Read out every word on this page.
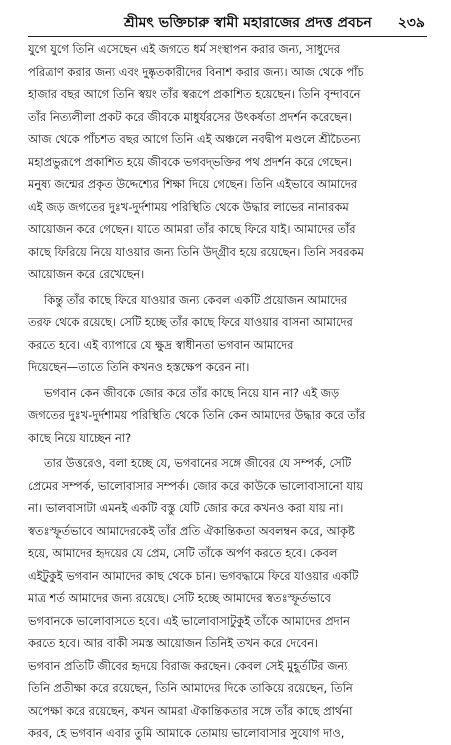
শ্রীমৎ ভক্তিচারু স্বামী মহারাজের প্রদত্ত প্রবচন ২৩৯
যুগে যুগে তিনি এসেছেন এই জগতে ধর্ম সংস্থাপন করার জন্য, সাধুদের
পরিত্রাণ করার জন্য এবং দুষ্কৃতকারীদের বিনাশ করার জন্য। আজ থেকে পাঁচ
হাজার বছর আগে তিনি স্বয়ং তাঁর স্বরূপে প্রকাশিত হয়েছেন। তিনি বৃন্দাবনে
তাঁর নিত্যলীলা প্রকট করে জীবকে মাধুর্যরসের উৎকর্ষতা প্রদর্শন করেছেন।
আজ থেকে পাঁচশত বছর আগে তিনি এই অঞ্চলে নবদ্বীপ মণ্ডলে শ্রীচৈতন্য
মহাপ্রভুরূপে প্রকাশিত হয়ে জীবকে ভগবদ্‌ভক্তির পথ প্রদর্শন করে গেছেন।
মনুষ্য জন্মের প্রকৃত উদ্দেশ্যের শিক্ষা দিয়ে গেছেন। তিনি এইভাবে আমাদের
এই জড় জগতের দুঃখ-দুর্দশাময় পরিস্থিতি থেকে উদ্ধার লাভের নানারকম
আয়োজন করে গেছেন। যাতে আমরা তাঁর কাছে ফিরে যাই। আমাদের তাঁর
কাছে ফিরিয়ে নিয়ে যাওয়ার জন্য তিনি উদ্‌গ্রীব হয়ে রয়েছেন। তিনি সবরকম
আয়োজন করে রেখেছেন।
কিন্তু তাঁর কাছে ফিরে যাওয়ার জন্য কেবল একটি প্রয়োজন আমাদের
তরফ থেকে রয়েছে। সেটি হচ্ছে তাঁর কাছে ফিরে যাওয়ার বাসনা আমাদের
করতে হবে। এই ব্যাপারে যে ক্ষুদ্র স্বাধীনতা ভগবান আমাদের
দিয়েছেন—তাতে তিনি কখনও হস্তক্ষেপ করেন না।
ভগবান কেন জীবকে জোর করে তাঁর কাছে নিয়ে যান না? এই জড়
জগতের দুঃখ-দুর্দশাময় পরিস্থিতি থেকে তিনি কেন আমাদের উদ্ধার করে তাঁর
কাছে নিয়ে যাচ্ছেন না?
তার উত্তরেও, বলা হচ্ছে যে, ভগবানের সঙ্গে জীবের যে সম্পর্ক, সেটি
প্রেমের সম্পর্ক, ভালোবাসার সম্পর্ক। জোর করে কাউকে ভালোবাসানো যায়
না। ভালবাসাটা এমনই একটি বস্তু যেটি জোর করে কখনও করা যায় না।
স্বতঃস্ফূর্তভাবে আমাদেরকেই তাঁর প্রতি ঐকান্তিকতা অবলম্বন করে, আকৃষ্ট
হয়ে, আমাদের হৃদয়ের যে প্রেম, সেটি তাঁকে অর্পণ করতে হবে। কেবল
এইটুকুই ভগবান আমাদের কাছ থেকে চান। ভগবদ্ধামে ফিরে যাওয়ার একটি
মাত্র শর্ত আমাদের জন্য রয়েছে। সেটি হচ্ছে আমাদের স্বতঃস্ফূর্তভাবে
ভগবানকে ভালোবাসতে হবে। এই ভালোবাসাটুকুই তাঁকে আমাদের প্রদান
করতে হবে। আর বাকী সমস্ত আয়োজন তিনিই তখন করে দেবেন।
ভগবান প্রতিটি জীবের হৃদয়ে বিরাজ করছেন। কেবল সেই মুহূর্তটির জন্য
তিনি প্রতীক্ষা করে রয়েছেন, তিনি আমাদের দিকে তাকিয়ে রয়েছেন, তিনি
অপেক্ষা করে রয়েছেন, কখন আমরা ঐকান্তিকতার সঙ্গে তাঁর কাছে প্রার্থনা
করব, হে ভগবান এবার তুমি আমাকে তোমায় ভালোবাসার সুযোগ দাও,
